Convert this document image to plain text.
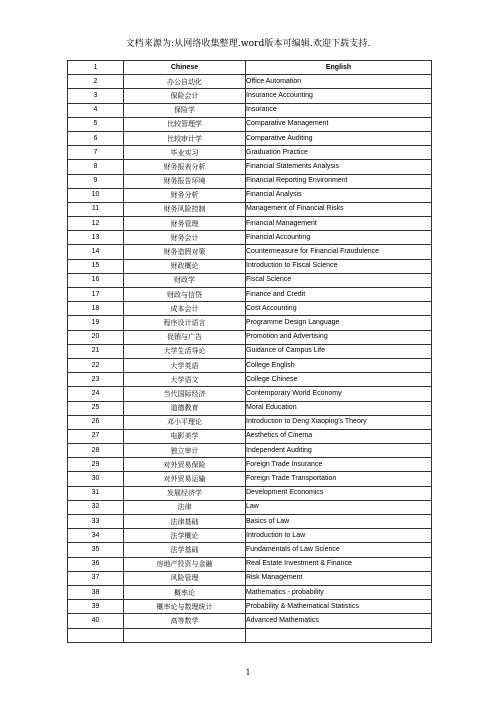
文档来源为:从网络收集整理.word版本可编辑.欢迎下载支持.
1	Chinese	English
2	办公自动化	Office Automation
3	保险会计	Insurance Accounting
4	保险学	Insurance
5	比较管理学	Comparative Management
6	比较审计学	Comparative Auditing
7	毕业实习	Graduation Practice
8	财务报表分析	Financial Statements Analysis
9	财务报告环境	Financial Reporting Environment
10	财务分析	Financial Analysis
11	财务风险控制	Management of Financial Risks
12	财务管理	Financial Management
13	财务会计	Financial Accounting
14	财务造假对策	Countermeasure for Financial Fraudulence
15	财政概论	Introduction to Fiscal Science
16	财政学	Fiscal Science
17	财政与信贷	Finance and Credit
18	成本会计	Cost Accounting
19	程序设计语言	Programme Design Language
20	促销与广告	Promotion and Advertising
21	大学生活导论	Guidance of Campus Life
22	大学英语	College English
23	大学语文	College Chinese
24	当代国际经济	Contemporary World Economy
25	道德教育	Moral Education
26	邓小平理论	Introduction to Deng Xiaoping's Theory
27	电影美学	Aesthetics of Cinema
28	独立审计	Independent Auditing
29	对外贸易保险	Foreign Trade Insurance
30	对外贸易运输	Foreign Trade Transportation
31	发展经济学	Development Economics
32	法律	Law
33	法律基础	Basics of Law
34	法学概论	Introduction to Law
35	法学基础	Fundamentals of Law Science
36	房地产投资与金融	Real Estate Investment & Finance
37	风险管理	Risk Management
38	概率论	Mathematics - probability
39	概率论与数理统计	Probability & Mathematical Statistics
40	高等数学	Advanced Mathematics

1
